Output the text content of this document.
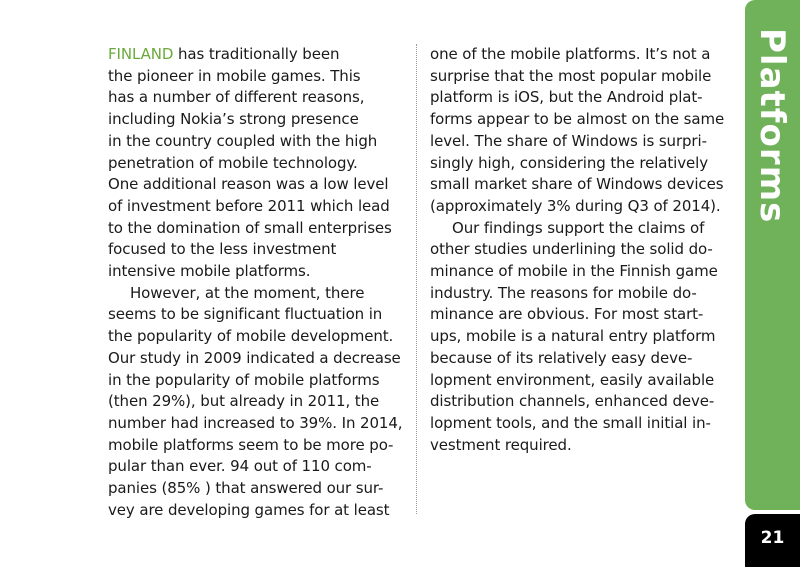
FINLAND has traditionally been
the pioneer in mobile games. This
has a number of different reasons,
including Nokia’s strong presence
in the country coupled with the high
penetration of mobile technology.
One additional reason was a low level
of investment before 2011 which lead
to the domination of small enterprises
focused to the less investment
intensive mobile platforms.

However, at the moment, there
seems to be significant fluctuation in
the popularity of mobile development.
Our study in 2009 indicated a decrease
in the popularity of mobile platforms
(then 29%), but already in 2011, the
number had increased to 39%. In 2014,
mobile platforms seem to be more po-
pular than ever. 94 out of 110 com-
panies (85% ) that answered our sur-
vey are developing games for at least

one of the mobile platforms. It’s not a
surprise that the most popular mobile
platform is iOS, but the Android plat-
forms appear to be almost on the same
level. The share of Windows is surpri-
singly high, considering the relatively
small market share of Windows devices
(approximately 3% during Q3 of 2014).

Our findings support the claims of
other studies underlining the solid do-
minance of mobile in the Finnish game
industry. The reasons for mobile do-
minance are obvious. For most start-
ups, mobile is a natural entry platform
because of its relatively easy deve-
lopment environment, easily available
distribution channels, enhanced deve-
lopment tools, and the small initial in-
vestment required.

Platforms
21
